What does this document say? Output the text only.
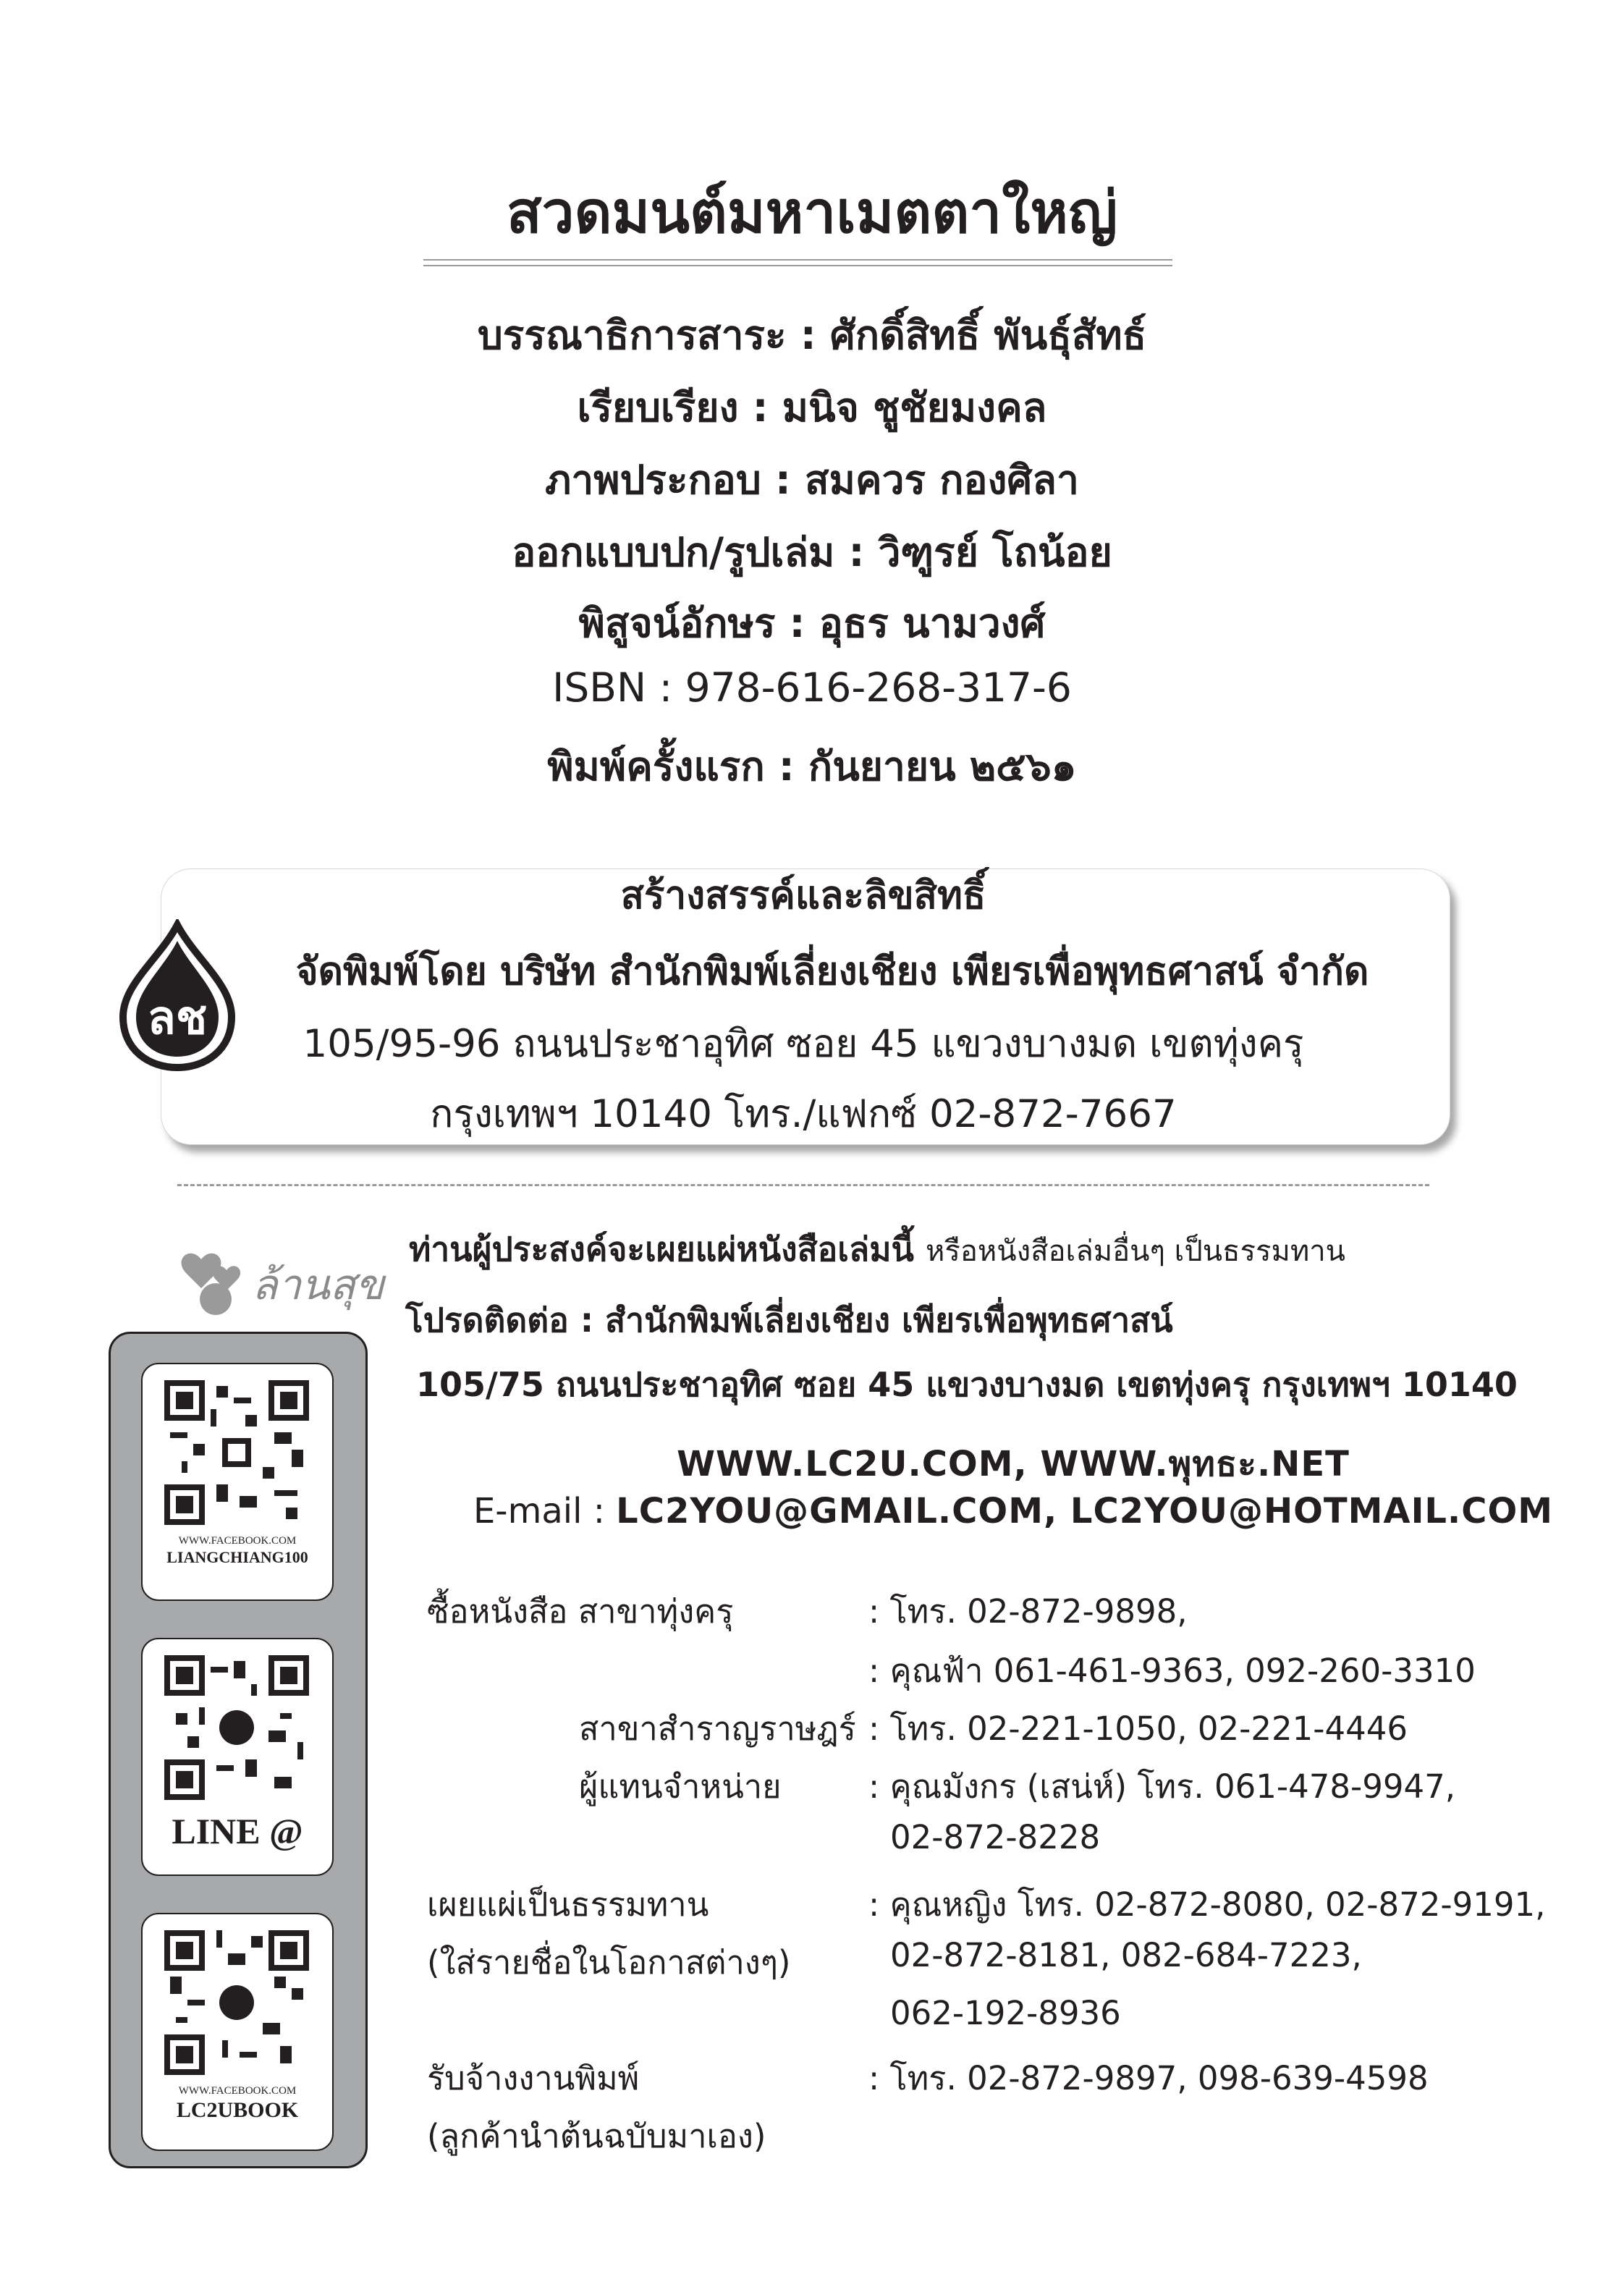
สวดมนต์มหาเมตตาใหญ่
บรรณาธิการสาระ : ศักดิ์สิทธิ์ พันธุ์สัทธ์
เรียบเรียง : มนิจ ชูชัยมงคล
ภาพประกอบ : สมควร กองศิลา
ออกแบบปก/รูปเล่ม : วิฑูรย์ โถน้อย
พิสูจน์อักษร : อุธร นามวงศ์
ISBN : 978-616-268-317-6
พิมพ์ครั้งแรก : กันยายน ๒๕๖๑
ลช
สร้างสรรค์และลิขสิทธิ์
จัดพิมพ์โดย บริษัท สำนักพิมพ์เลี่ยงเชียง เพียรเพื่อพุทธศาสน์ จำกัด
105/95-96 ถนนประชาอุทิศ ซอย 45 แขวงบางมด เขตทุ่งครุ
กรุงเทพฯ 10140 โทร./แฟกซ์ 02-872-7667
ล้านสุข
ท่านผู้ประสงค์จะเผยแผ่หนังสือเล่มนี้ หรือหนังสือเล่มอื่นๆ เป็นธรรมทาน
โปรดติดต่อ : สำนักพิมพ์เลี่ยงเชียง เพียรเพื่อพุทธศาสน์
105/75 ถนนประชาอุทิศ ซอย 45 แขวงบางมด เขตทุ่งครุ กรุงเทพฯ 10140
WWW.LC2U.COM, WWW.พุทธะ.NET
E-mail : LC2YOU@GMAIL.COM, LC2YOU@HOTMAIL.COM
WWW.FACEBOOK.COM
LIANGCHIANG100
LINE @
WWW.FACEBOOK.COM
LC2UBOOK
ซื้อหนังสือ สาขาทุ่งครุ	: โทร. 02-872-9898,
: คุณฟ้า 061-461-9363, 092-260-3310
สาขาสำราญราษฎร์ : โทร. 02-221-1050, 02-221-4446
ผู้แทนจำหน่าย	: คุณมังกร (เสน่ห์) โทร. 061-478-9947,
02-872-8228
เผยแผ่เป็นธรรมทาน
(ใส่รายชื่อในโอกาสต่างๆ)
: คุณหญิง โทร. 02-872-8080, 02-872-9191,
02-872-8181, 082-684-7223,
062-192-8936
รับจ้างงานพิมพ์
(ลูกค้านำต้นฉบับมาเอง)
: โทร. 02-872-9897, 098-639-4598
